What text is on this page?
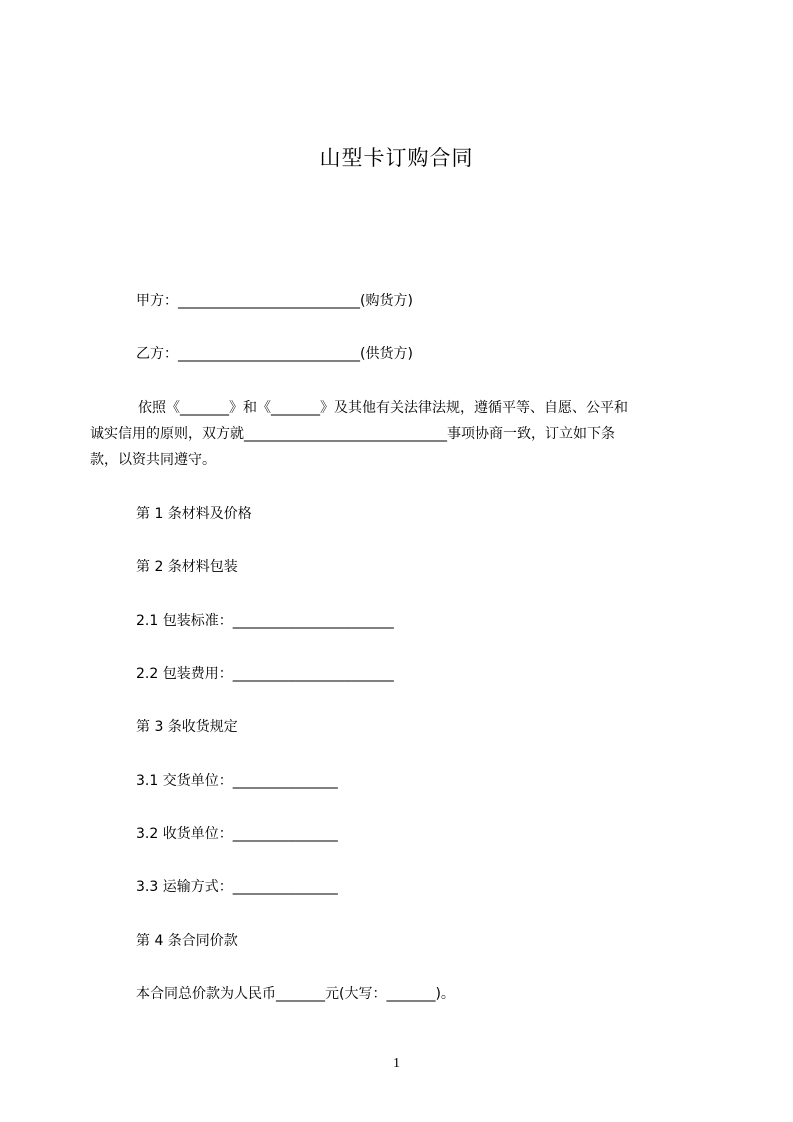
山型卡订购合同
甲方：__________________________(购货方)
乙方：__________________________(供货方)
依照《_______》和《_______》及其他有关法律法规，遵循平等、自愿、公平和
诚实信用的原则，双方就_____________________________事项协商一致，订立如下条
款，以资共同遵守。
第 1 条材料及价格
第 2 条材料包装
2.1 包装标准：_______________________
2.2 包装费用：_______________________
第 3 条收货规定
3.1 交货单位：_______________
3.2 收货单位：_______________
3.3 运输方式：_______________
第 4 条合同价款
本合同总价款为人民币_______元(大写：_______)。
1
